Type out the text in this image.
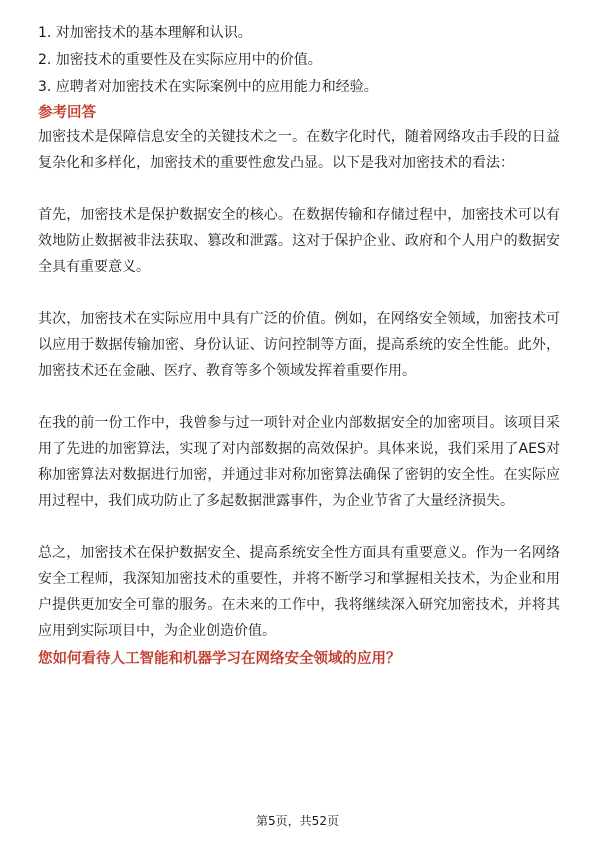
1. 对加密技术的基本理解和认识。
2. 加密技术的重要性及在实际应用中的价值。
3. 应聘者对加密技术在实际案例中的应用能力和经验。
参考回答

加密技术是保障信息安全的关键技术之一。在数字化时代，随着网络攻击手段的日益复杂化和多样化，加密技术的重要性愈发凸显。以下是我对加密技术的看法：

首先，加密技术是保护数据安全的核心。在数据传输和存储过程中，加密技术可以有效地防止数据被非法获取、篡改和泄露。这对于保护企业、政府和个人用户的数据安全具有重要意义。

其次，加密技术在实际应用中具有广泛的价值。例如，在网络安全领域，加密技术可以应用于数据传输加密、身份认证、访问控制等方面，提高系统的安全性能。此外，加密技术还在金融、医疗、教育等多个领域发挥着重要作用。

在我的前一份工作中，我曾参与过一项针对企业内部数据安全的加密项目。该项目采用了先进的加密算法，实现了对内部数据的高效保护。具体来说，我们采用了AES对称加密算法对数据进行加密，并通过非对称加密算法确保了密钥的安全性。在实际应用过程中，我们成功防止了多起数据泄露事件，为企业节省了大量经济损失。

总之，加密技术在保护数据安全、提高系统安全性方面具有重要意义。作为一名网络安全工程师，我深知加密技术的重要性，并将不断学习和掌握相关技术，为企业和用户提供更加安全可靠的服务。在未来的工作中，我将继续深入研究加密技术，并将其应用到实际项目中，为企业创造价值。

您如何看待人工智能和机器学习在网络安全领域的应用？
第5页，共52页
